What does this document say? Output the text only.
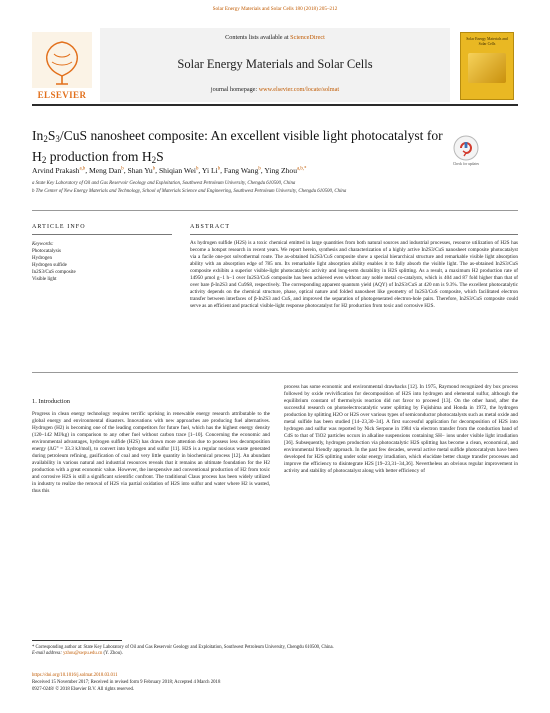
Solar Energy Materials and Solar Cells 180 (2018) 205–212
ELSEVIER
Contents lists available at ScienceDirect
Solar Energy Materials and Solar Cells
journal homepage: www.elsevier.com/locate/solmat
Solar Energy Materials and Solar Cells
$In_2S_3$/CuS nanosheet composite: An excellent visible light photocatalyst for $H_2$ production from $H_2S$	Check for updates
Arvind Prakash$^{a,b}$, Meng Dan$^b$, Shan Yu$^b$, Shiqian Wei$^b$, Yi Li$^b$, Fang Wang$^b$, Ying Zhou$^{a,b,*}$
a State Key Laboratory of Oil and Gas Reservoir Geology and Exploitation, Southwest Petroleum University, Chengdu 610500, China
b The Center of New Energy Materials and Technology, School of Materials Science and Engineering, Southwest Petroleum University, Chengdu 610500, China
ARTICLE INFO	ABSTRACT
Keywords:
Photocatalysis
Hydrogen
Hydrogen sulfide
In2S3/CuS composite
Visible light
As hydrogen sulfide (H2S) is a toxic chemical emitted in large quantities from both natural sources and industrial processes, resource utilization of H2S has become a hotspot research in recent years. We report herein, synthesis and characterization of a highly active In2S3/CuS nanosheet composite photocatalyst via a facile one-pot solvothermal route. The as-obtained In2S3/CuS composite show a special hierarchical structure and remarkable visible light absorption ability with an absorption edge of 785 nm. Its remarkable light absorption ability enables it to fully absorb the visible light. The as-obtained In2S3/CuS composite exhibits a superior visible-light photocatalytic activity and long-term durability in H2S splitting. As a result, a maximum H2 production rate of 14950 μmol g−1 h−1 over In2S3/CuS composite has been achieved even without any noble metal co-catalysts, which is 404 and 87 fold higher than that of over bare β-In2S3 and Cu9S8, respectively. The corresponding apparent quantum yield (AQY) of In2S3/CuS at 420 nm is 9.3%. The excellent photocatalytic activity depends on the chemical structure, phase, optical nature and folded nanosheet like geometry of In2S3/CuS composite, which facilitated electron transfer between interfaces of β-In2S3 and CuS, and improved the separation of photogenerated electron-hole pairs. Therefore, In2S3/CuS composite could serve as an efficient and practical visible-light response photocatalyst for H2 production from toxic and corrosive H2S.
1. Introduction
Progress in clean energy technology requires terrific uprising in renewable energy research attributable to the global energy and environmental disasters. Innovations with new approaches are producing fuel alternatives. Hydrogen (H2) is becoming one of the leading competitors for future fuel, which has the highest energy density (120–142 MJ/kg) in comparison to any other fuel without carbon trace [1–10]. Concerning the economic and environmental advantages, hydrogen sulfide (H2S) has drawn more attention due to possess less decomposition energy (ΔG° = 33.3 kJ/mol), to convert into hydrogen and sulfur [11]. H2S is a regular noxious waste generated during petroleum refining, gasification of coal and very little quantity in biochemical process [12]. An abundant availability in various natural and industrial resources reveals that it remains an ultimate foundation for the H2 production with a great economic value. However, the inexpensive and conventional production of H2 from toxic and corrosive H2S is still a significant scientific confront. The traditional Claus process has been widely utilized in industry to realize the removal of H2S via partial oxidation of H2S into sulfur and water where H2 is wasted, thus this
process has some economic and environmental drawbacks [12]. In 1975, Raymond recognized dry box process followed by oxide revivification for decomposition of H2S into hydrogen and elemental sulfur, although the equilibrium constant of thermolysis reaction did not favor to proceed [13]. On the other hand, after the successful research on photoelectrocatalytic water splitting by Fujishima and Honda in 1972, the hydrogen production by splitting H2O or H2S over various types of semiconductor photocatalysts such as metal oxide and metal sulfide has been studied [14–23,30–34]. A first successful application for decomposition of H2S into hydrogen and sulfur was reported by Nick Serpone in 1984 via electron transfer from the conduction band of CdS to that of TiO2 particles occurs in alkaline suspensions containing SH− ions under visible light irradiation [36]. Subsequently, hydrogen production via photocatalytic H2S splitting has become a clean, economical, and environmental friendly approach. In the past few decades, several active metal sulfide photocatalysts have been developed for H2S splitting under solar energy irradiation, which elucidate better charge transfer processes and improve the efficiency to disintegrate H2S [19–23,31–34,36]. Nevertheless an obvious regular improvement in activity and stability of photocatalyst along with better efficiency of
* Corresponding author at: State Key Laboratory of Oil and Gas Reservoir Geology and Exploitation, Southwest Petroleum University, Chengdu 610500, China.
E-mail address: yzhou@swpu.edu.cn (Y. Zhou).
https://doi.org/10.1016/j.solmat.2018.03.011
Received 15 November 2017; Received in revised form 9 February 2018; Accepted 4 March 2018
0927-0248/ © 2018 Elsevier B.V. All rights reserved.
